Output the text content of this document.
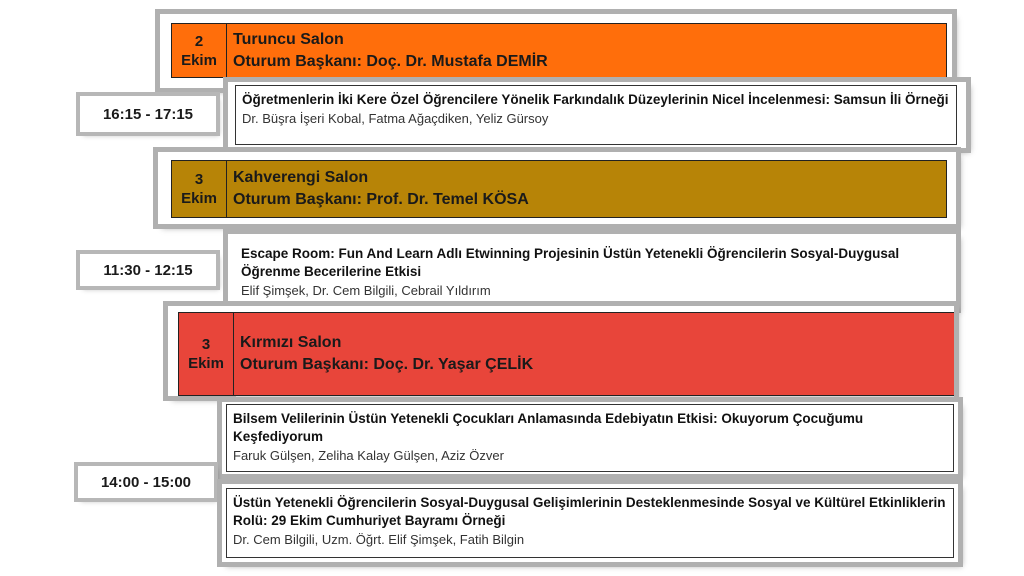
2
Ekim
Turuncu Salon
Oturum Başkanı: Doç. Dr. Mustafa DEMİR
16:15 - 17:15
Öğretmenlerin İki Kere Özel Öğrencilere Yönelik Farkındalık Düzeylerinin Nicel İncelenmesi: Samsun İli Örneği
Dr. Büşra İşeri Kobal, Fatma Ağaçdiken, Yeliz Gürsoy
3
Ekim
Kahverengi Salon
Oturum Başkanı: Prof. Dr. Temel KÖSA
11:30 - 12:15
Escape Room: Fun And Learn Adlı Etwinning Projesinin Üstün Yetenekli Öğrencilerin Sosyal-Duygusal Öğrenme Becerilerine Etkisi
Elif Şimşek, Dr. Cem Bilgili, Cebrail Yıldırım
3
Ekim
Kırmızı Salon
Oturum Başkanı: Doç. Dr. Yaşar ÇELİK
Bilsem Velilerinin Üstün Yetenekli Çocukları Anlamasında Edebiyatın Etkisi: Okuyorum Çocuğumu Keşfediyorum
Faruk Gülşen, Zeliha Kalay Gülşen, Aziz Özver
14:00 - 15:00
Üstün Yetenekli Öğrencilerin Sosyal-Duygusal Gelişimlerinin Desteklenmesinde Sosyal ve Kültürel Etkinliklerin Rolü: 29 Ekim Cumhuriyet Bayramı Örneği
Dr. Cem Bilgili, Uzm. Öğrt. Elif Şimşek, Fatih Bilgin
